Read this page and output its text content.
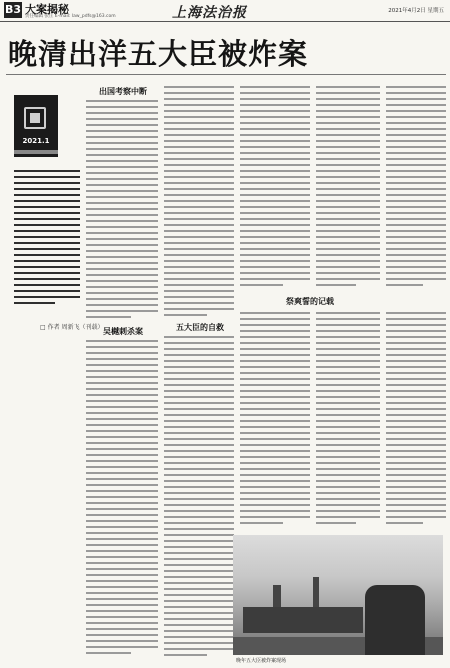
B3 大案揭秘
责任编辑 张正 E-mail: law_pdfs@163.com	上海法治报	2021年4月2日 星期五
晚清出洋五大臣被炸案
2021.1
□ 作者 周新飞（刊载）
出国考察中断
吴樾刺杀案	五大臣的自救
祭爽誓的记载
晚年五大臣被炸案现场
